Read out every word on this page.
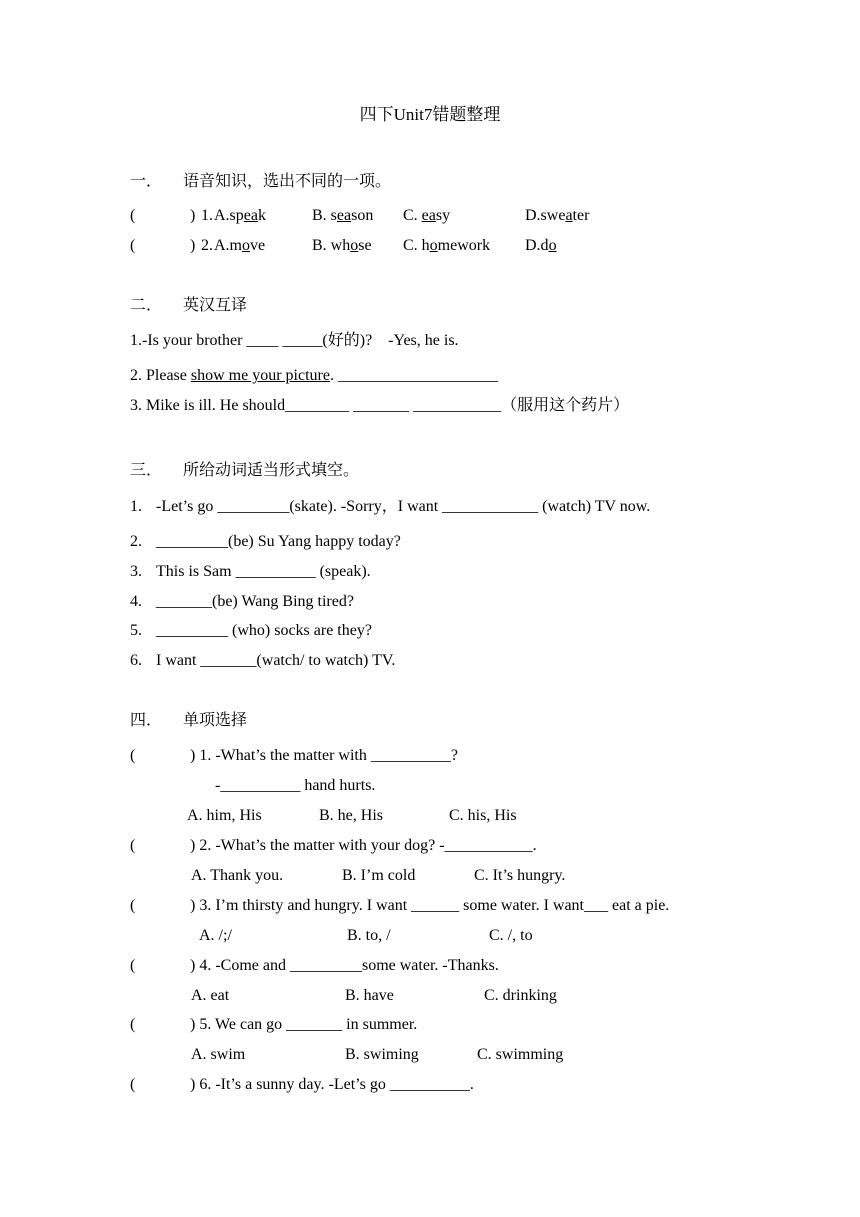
四下Unit7错题整理
一． 语音知识，选出不同的一项。
(	) 1. A.speak	B. season C. easy	D.sweater
(	) 2. A.move	B. whose C. homework D.do
二． 英汉互译
1.-Is your brother ____ _____(好的)?    -Yes, he is.
2. Please show me your picture. ____________________
3. Mike is ill. He should________ _______ ___________（服用这个药片）
三． 所给动词适当形式填空。
1. -Let’s go _________(skate). -Sorry，I want ____________ (watch) TV now.
2. _________(be) Su Yang happy today?
3. This is Sam __________ (speak).
4. _______(be) Wang Bing tired?
5. _________ (who) socks are they?
6. I want _______(watch/ to watch) TV.
四． 单项选择
(	) 1. -What’s the matter with __________?
-__________ hand hurts.
A. him, His	B. he, His	C. his, His
(	) 2. -What’s the matter with your dog? -___________.
A. Thank you.	B. I’m cold	C. It’s hungry.
(	) 3. I’m thirsty and hungry. I want ______ some water. I want___ eat a pie.
A. /;/	B. to, /	C. /, to
(	) 4. -Come and _________some water. -Thanks.
A. eat	B. have	C. drinking
(	) 5. We can go _______ in summer.
A. swim	B. swiming	C. swimming
(	) 6. -It’s a sunny day. -Let’s go __________.
